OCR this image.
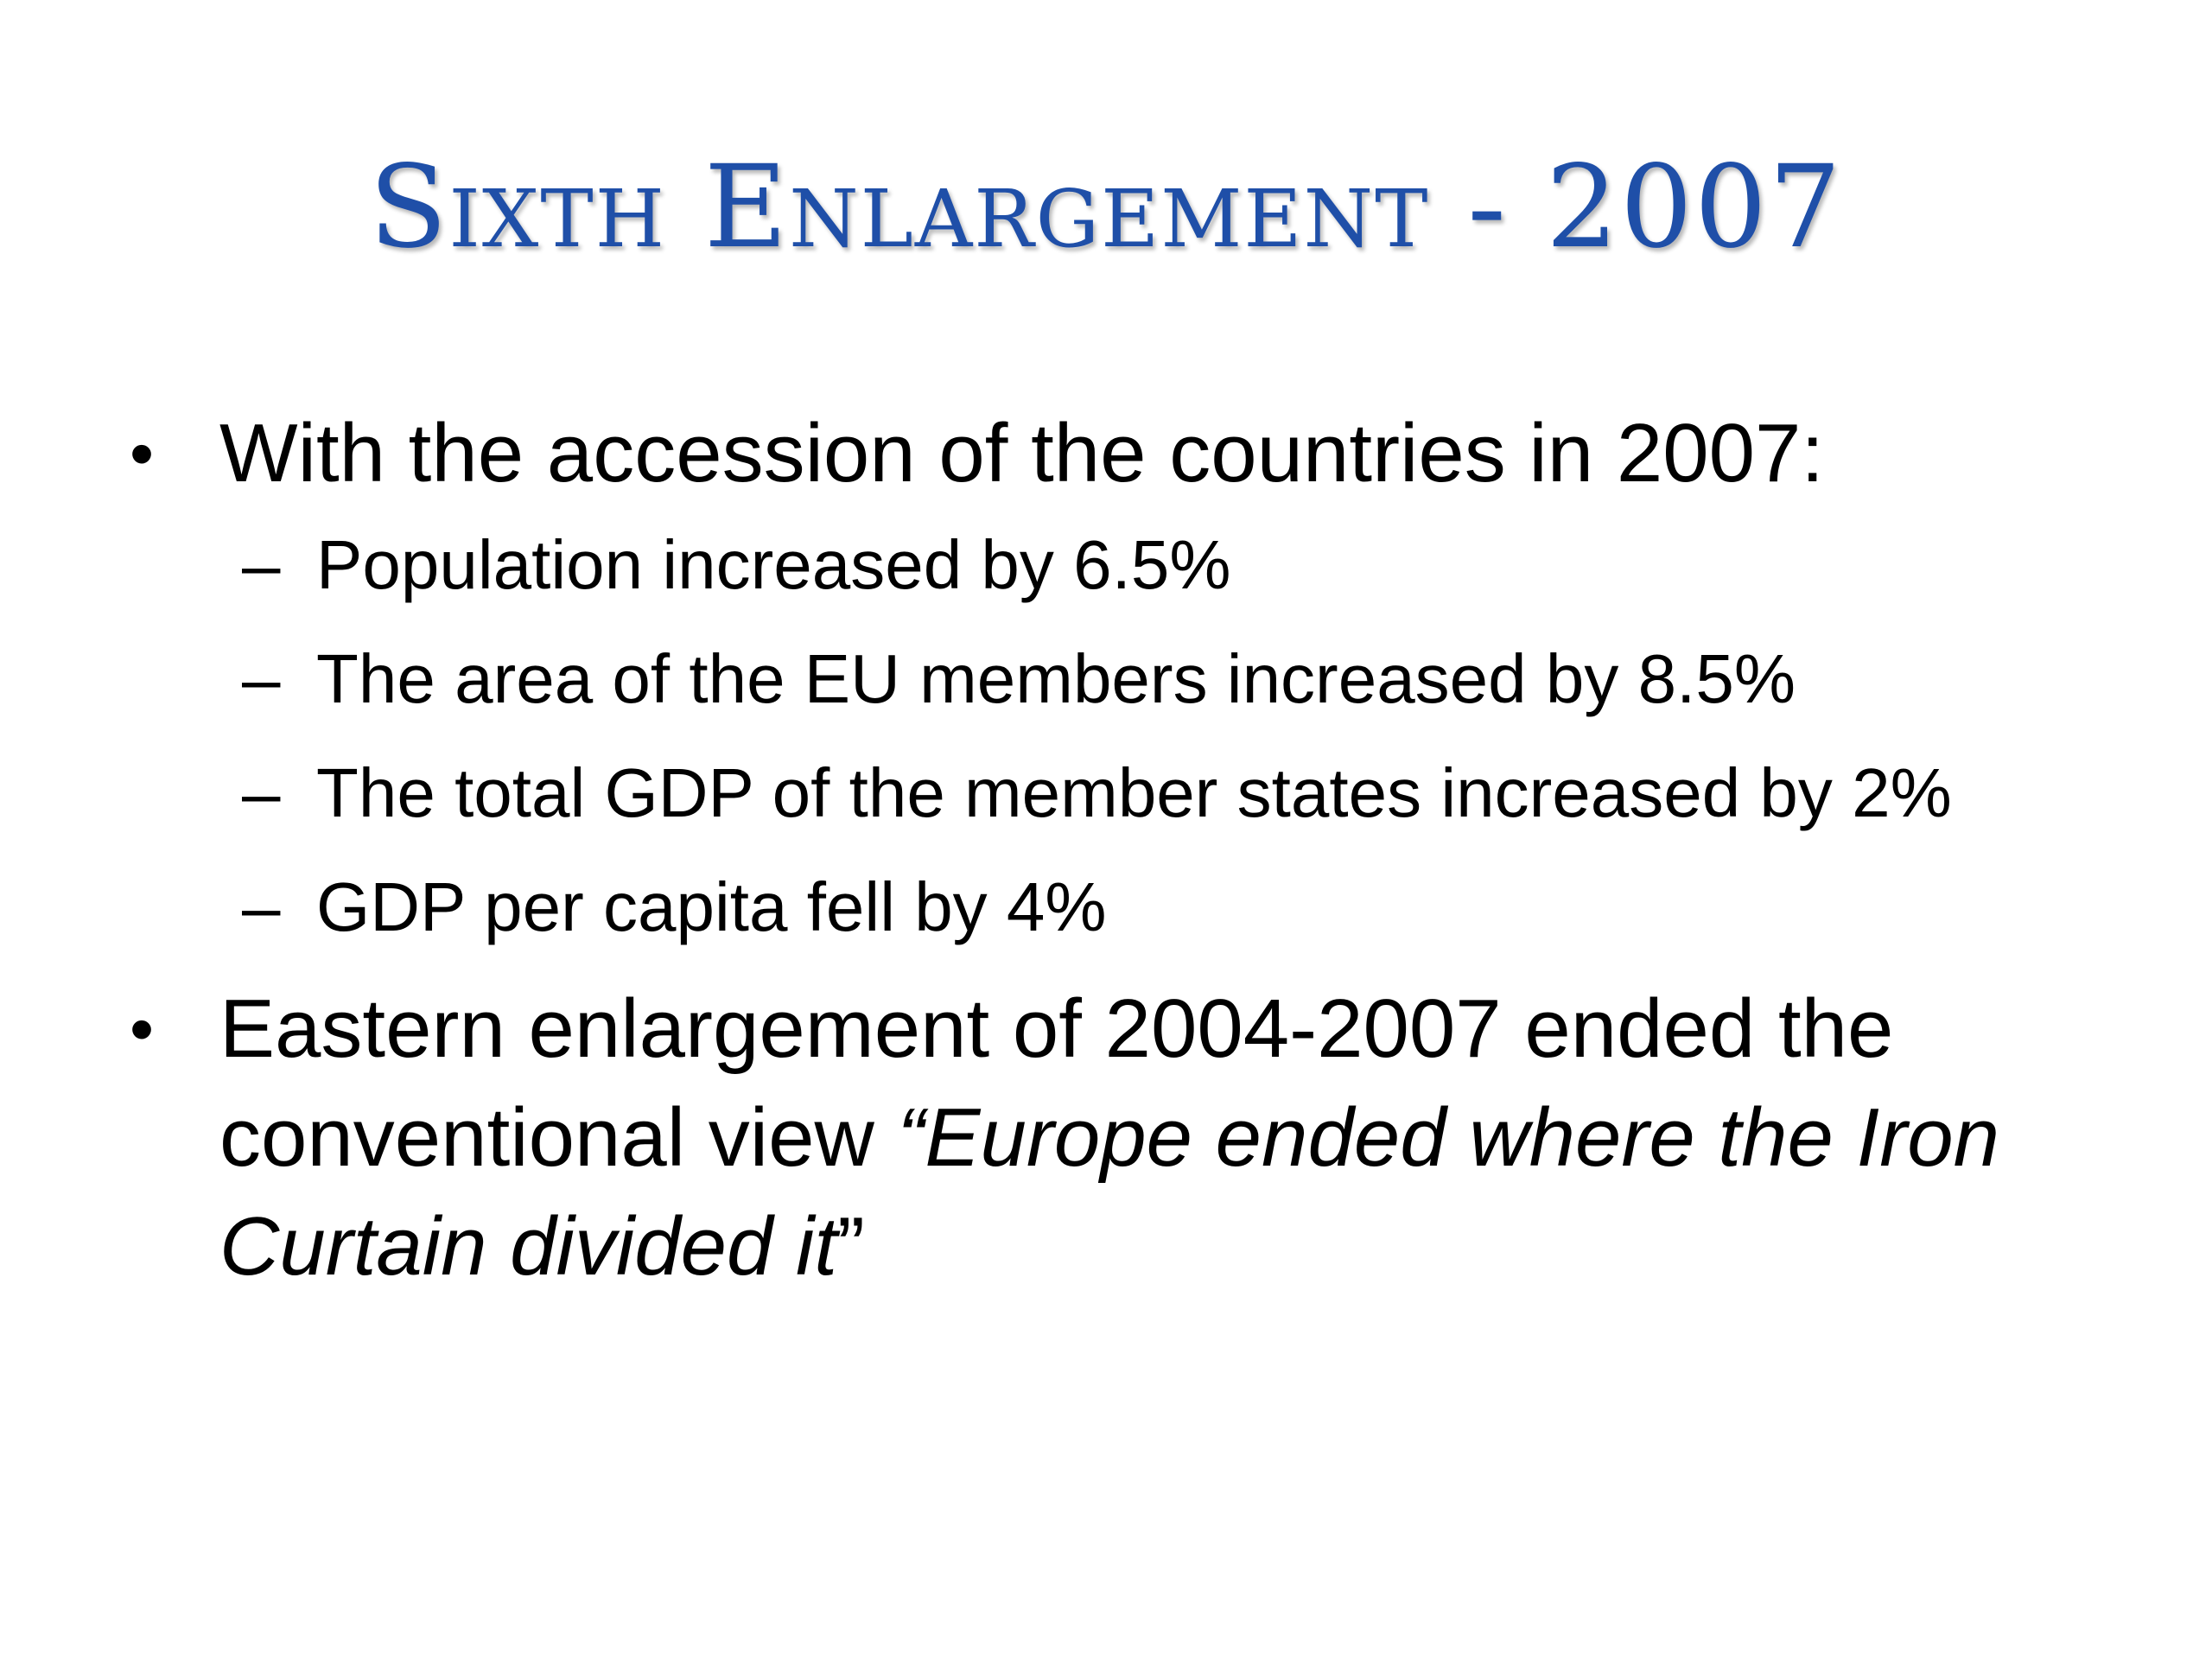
Sixth Enlargement - 2007
• With the accession of the countries in 2007:
– Population increased by 6.5%
– The area of the EU members increased by 8.5%
– The total GDP of the member states increased by 2%
– GDP per capita fell by 4%
• Eastern enlargement of 2004-2007 ended the conventional view “Europe ended where the Iron Curtain divided it”
